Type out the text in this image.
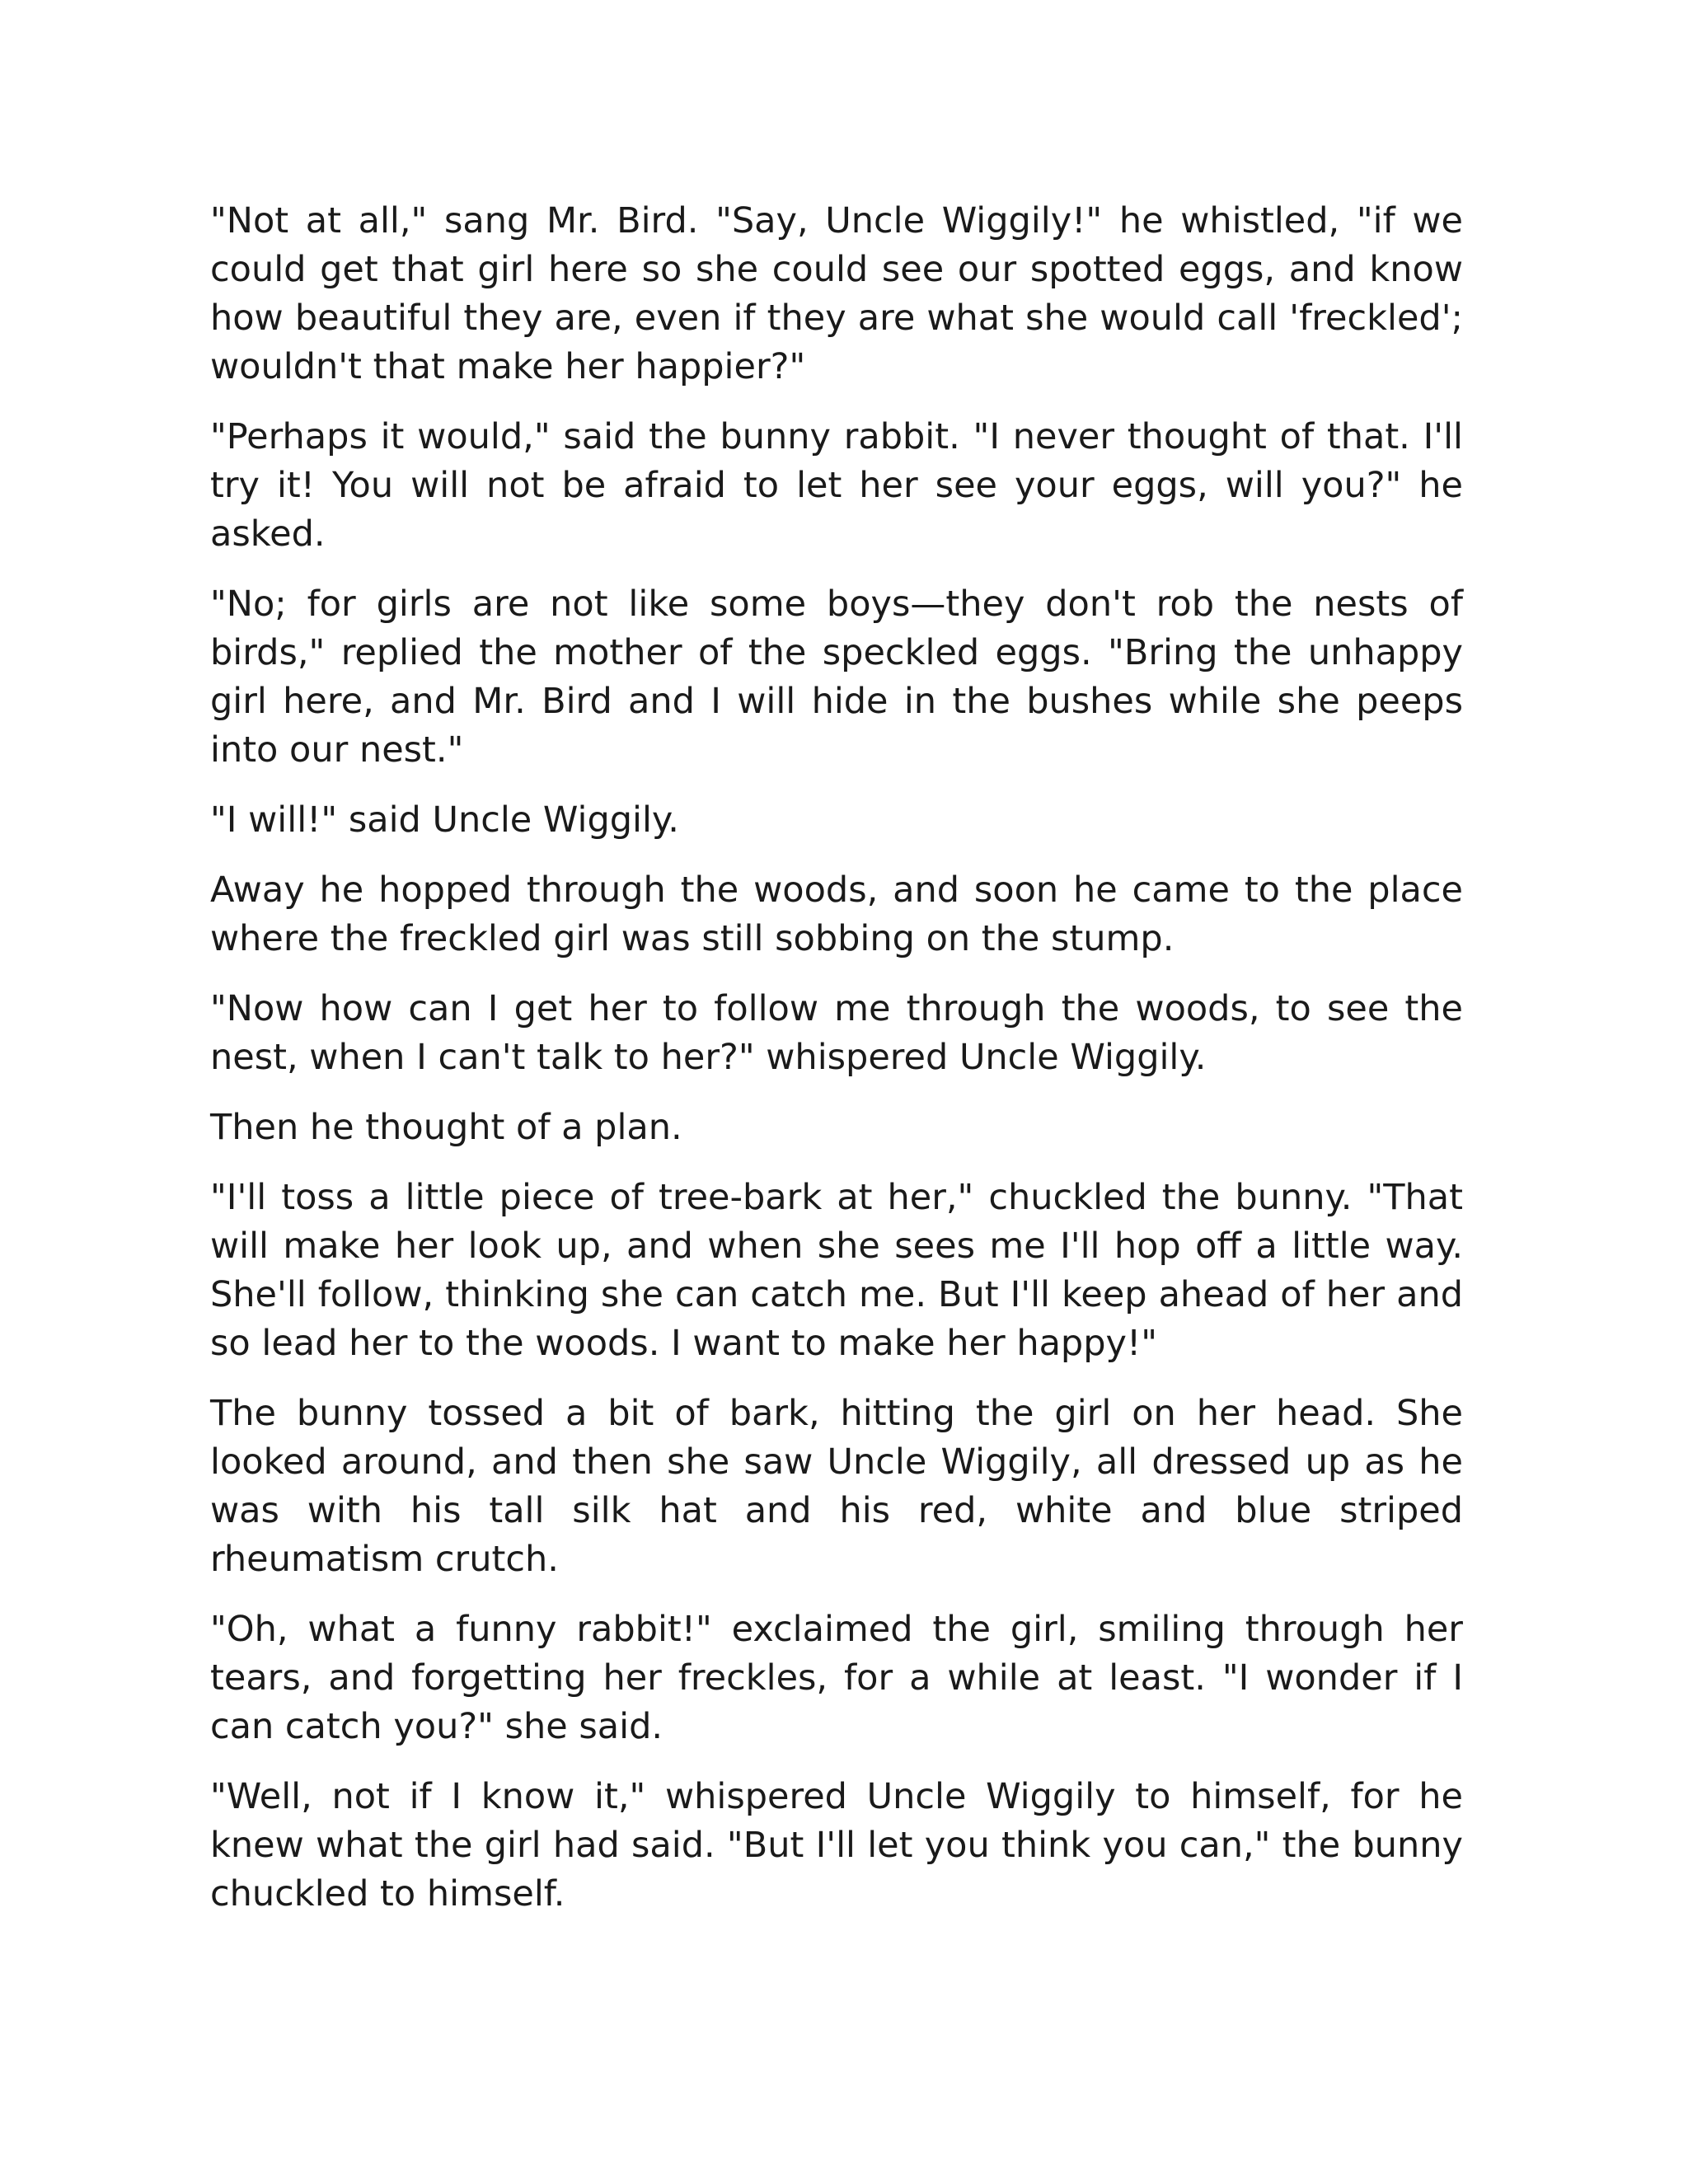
"Not at all," sang Mr. Bird. "Say, Uncle Wiggily!" he whistled, "if we could get that girl here so she could see our spotted eggs, and know how beautiful they are, even if they are what she would call 'freckled'; wouldn't that make her happier?"

"Perhaps it would," said the bunny rabbit. "I never thought of that. I'll try it! You will not be afraid to let her see your eggs, will you?" he asked.

"No; for girls are not like some boys—they don't rob the nests of birds," replied the mother of the speckled eggs. "Bring the unhappy girl here, and Mr. Bird and I will hide in the bushes while she peeps into our nest."

"I will!" said Uncle Wiggily.

Away he hopped through the woods, and soon he came to the place where the freckled girl was still sobbing on the stump.

"Now how can I get her to follow me through the woods, to see the nest, when I can't talk to her?" whispered Uncle Wiggily.

Then he thought of a plan.

"I'll toss a little piece of tree-bark at her," chuckled the bunny. "That will make her look up, and when she sees me I'll hop off a little way. She'll follow, thinking she can catch me. But I'll keep ahead of her and so lead her to the woods. I want to make her happy!"

The bunny tossed a bit of bark, hitting the girl on her head. She looked around, and then she saw Uncle Wiggily, all dressed up as he was with his tall silk hat and his red, white and blue striped rheumatism crutch.

"Oh, what a funny rabbit!" exclaimed the girl, smiling through her tears, and forgetting her freckles, for a while at least. "I wonder if I can catch you?" she said.

"Well, not if I know it," whispered Uncle Wiggily to himself, for he knew what the girl had said. "But I'll let you think you can," the bunny chuckled to himself.
